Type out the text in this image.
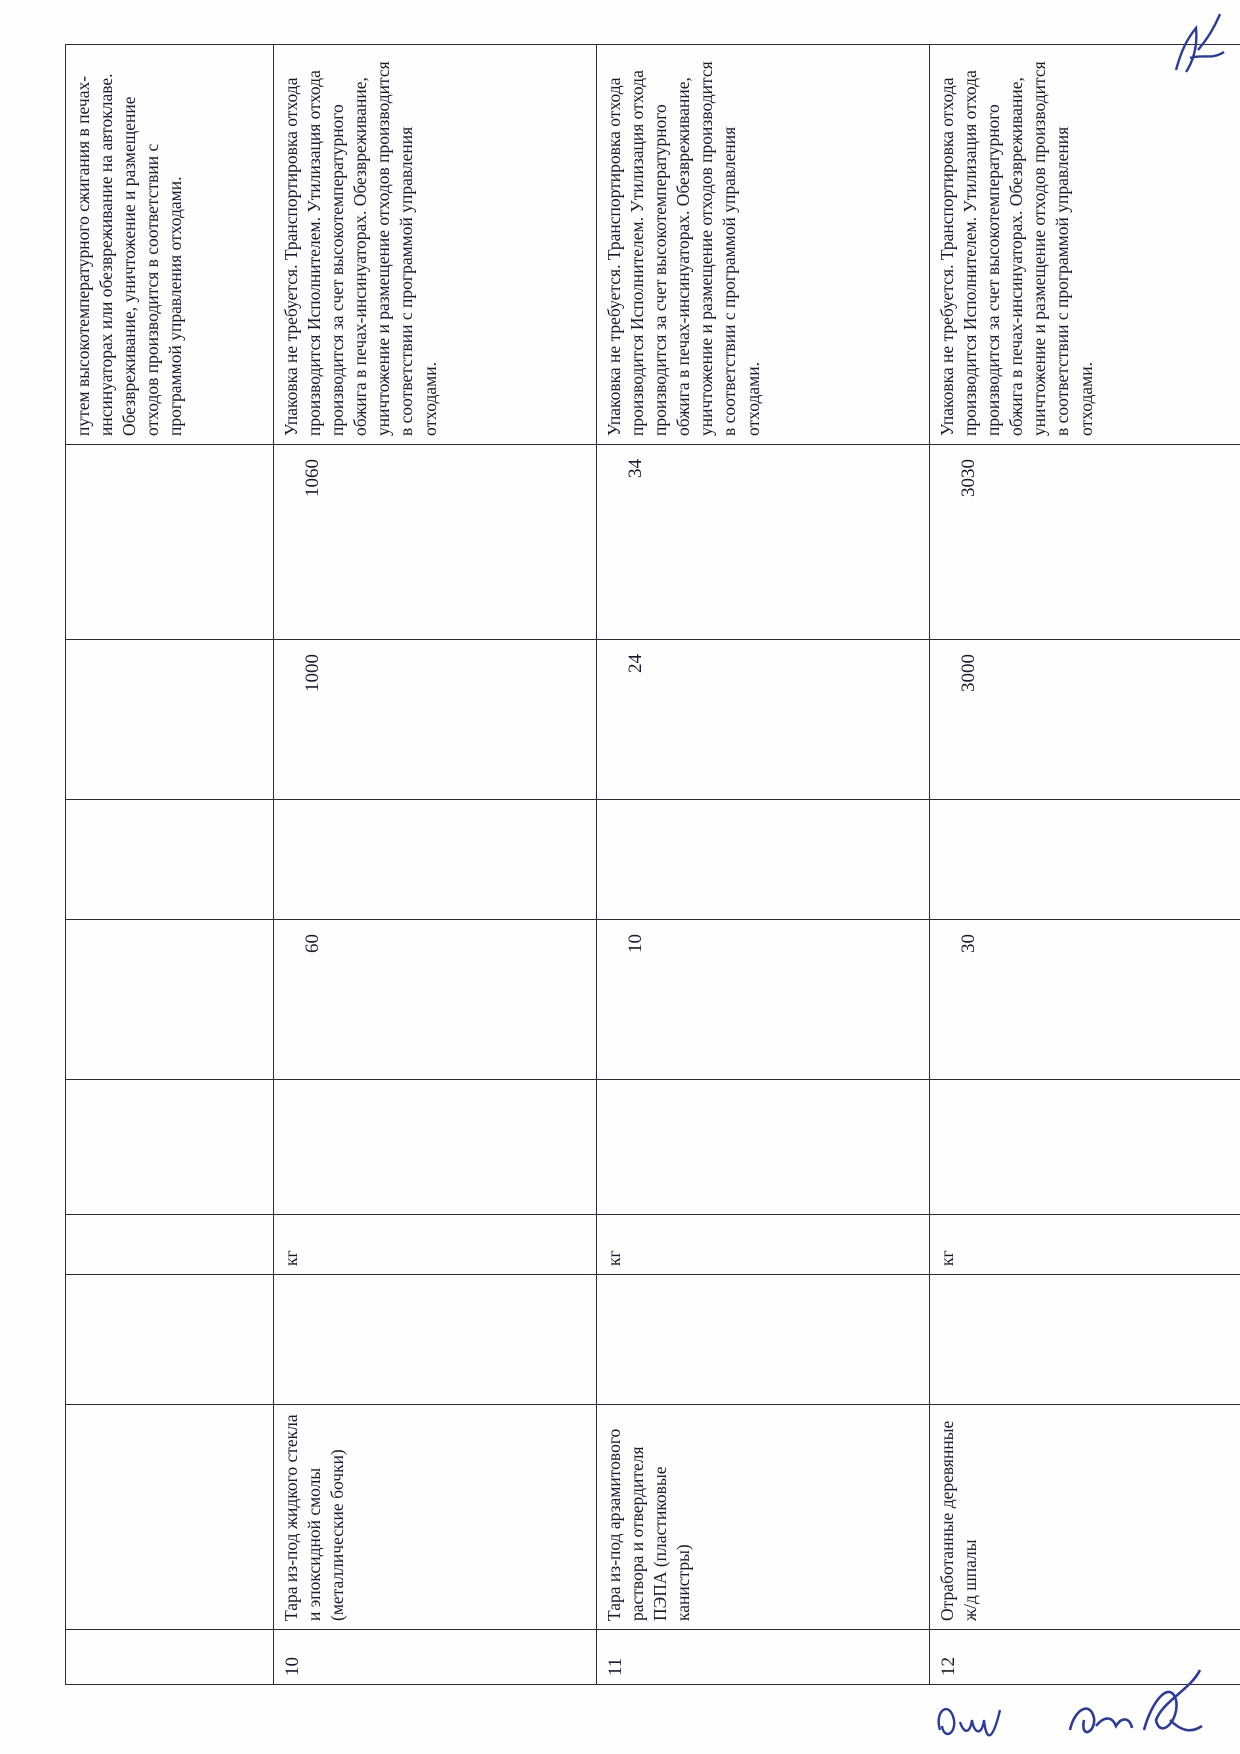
									путем высокотемпературного сжигания в печах-инсинуаторах или обезвреживание на автоклаве. Обезвреживание, уничтожение и размещение отходов производится в соответствии с программой управления отходами.
10	Тара из-под жидкого стекла и эпоксидной смолы (металлические бочки)		кг		60		1000	1060	Упаковка не требуется. Транспортировка отхода производится Исполнителем. Утилизация отхода производится за счет высокотемпературного обжига в печах-инсинуаторах. Обезвреживание, уничтожение и размещение отходов производится в соответствии с программой управления отходами.
11	Тара из-под арзамитового раствора и отвердителя ПЭПА (пластиковые канистры)		кг		10		24	34	Упаковка не требуется. Транспортировка отхода производится Исполнителем. Утилизация отхода производится за счет высокотемпературного обжига в печах-инсинуаторах. Обезвреживание, уничтожение и размещение отходов производится в соответствии с программой управления отходами.
12	Отработанные деревянные ж/д шпалы		кг		30		3000	3030	Упаковка не требуется. Транспортировка отхода производится Исполнителем. Утилизация отхода производится за счет высокотемпературного обжига в печах-инсинуаторах. Обезвреживание, уничтожение и размещение отходов производится в соответствии с программой управления отходами.
